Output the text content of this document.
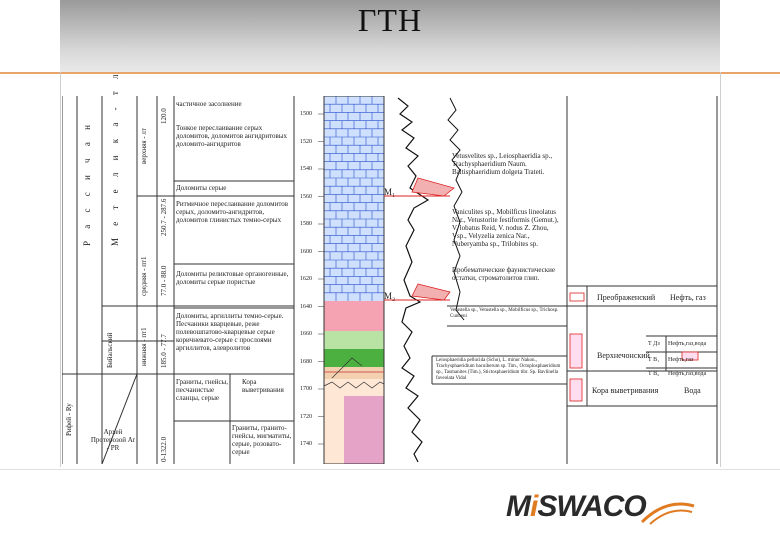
ГТН
Р а с с и ч а н М е т е л и к а - т л	верхняя - лт
средняя - пт1
нижняя - пт1
Рифей - Ry
Бийальский
120.0
77.0 - 88.0
250.7 - 287.6
185.0 - 77.7
0-1322.0
Архей Протерозой Ar - PR
частичное засолнение
Тонкое переслаивание серых доломитов, доломитов ангидритовых доломито-ангидритов
Доломиты серые
Ритмичное переслаивание доломитов серых, доломито-ангидритов, доломитов глинистых темно-серых
Доломиты реликтовые органогенные, доломиты серые пористые
Доломиты, аргиллиты темно-серые. Песчаники кварцевые, реже полевошпатово-кварцевые серые коричневато-серые с прослоями аргиллитов, алевролитов
Граниты, гнейсы, песчанистые сланцы, серые
Кора выветривания
Граниты, гранито-гнейсы, мигматиты, серые, розовато-серые
1500
1520
1540
1560
1580
1600
1620
1640
1660
1680
1700
1720
1740
M₁
M₂
Vetusvelites sp., Leiosphaeridia sp., Trachysphaeridium Naum. Baltisphaeridium dolgeta Trateti.
Vaniculites sp., Mobilficus lineolatus Nar., Vetustorite festiformis (Gemut.), V. lobatus Reid, V. nodus Z. Zhou, Vsp., Velyzelia zenica Nar., Nuberyamba sp., Trilobites sp.
Пробематические фаунистические остатки, строматолитов глип.
Vetustella sp., Vetustella sp., Mobilficus sp., Trichosp. Cunbeni
Leiosphaeridia pellucida (Scho), L. minor Nakon., Trachysphaeridium bacuiberum sp. Tim., Octoplosphaeridium sp., Tasmanites (Tim.), Stictosphaeridium tibr. Sp. Bavlinella faveolata Vidal
Преображенский Нефть, газ
Верхнечонский
Т Дз
Т В₁
Т В₂
Нефть,газ,вода
Нефть,газ
Нефть,газ,вода
Кора выветривания	Вода
MiSWACO
